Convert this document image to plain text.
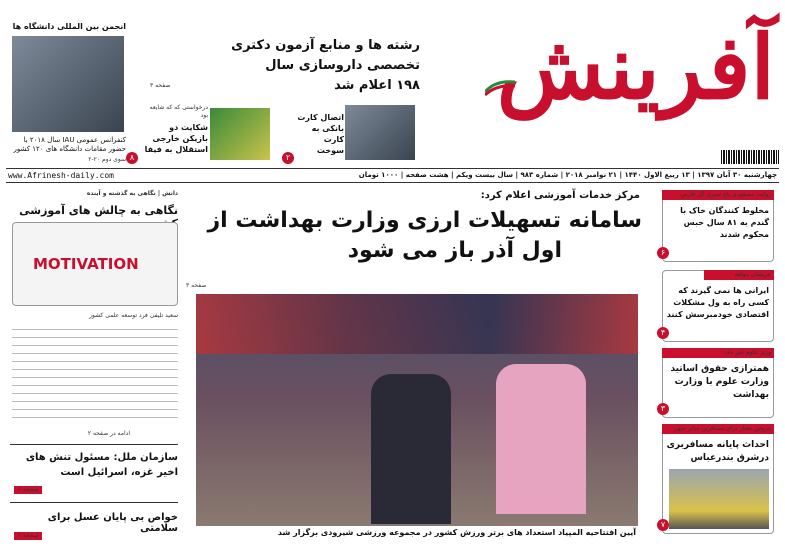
آفرینش
انجمن بین المللی دانشگاه ها
کنفرانس عمومی IAU سال ۲۰۱۸ با حضور مقامات دانشگاه های ۱۲۰ کشور
سوی دوم ۲۰-۲
رشته ها و منابع آزمون دکتری تخصصی داروسازی سال
۱۹۸ اعلام شد
صفحه ۳
اتصال کارت بانکی به کارت سوخت
۲
درخواستی که که شایعه بود
شکایت دو بازیکن خارجی استقلال به فیفا
۸
www.Afrinesh-daily.com	چهارشنبه ۳۰ آبان ۱۳۹۷ | ۱۳ ربیع الاول ۱۴۴۰ | ۲۱ نوامبر ۲۰۱۸ | شماره ۹۸۳ | سال بیست ویکم | هشت صفحه | ۱۰۰۰ تومان
مرکز خدمات آموزشی اعلام کرد:
سامانه تسهیلات ارزی وزارت بهداشت از
اول آذر باز می شود
صفحه ۳
آیین افتتاحیه المپیاد استعداد های برتر ورزش کشور در مجموعه ورزشی شیرودی برگزار شد
دانش | نگاهی به گذشته و آینده
نگاهی به چالش های آموزشی
MOTIVATION
سعید تلیفی فرد توسعه علمی کشور
ادامه در صفحه ۲
سازمان ملل: مسئول تنش های اخیر غزه، اسرائیل است
صفحه ۲
خواص بی پایان عسل برای سلامتی
صفحه ۲
روایت مسعودی باغ منبری گل فارس
مخلوط کنندگان خاک با گندم به ۸۱ سال حبس محکوم شدند
۶
عربشان مولفه
ایرانی ها نمی گیرند که کسی راه به ول مشکلات اقتصادی خودمبرسش کنند
۴
وزیر علوم خبر داد:
همترازی حقوق اساتید وزارت علوم با وزارت بهداشت
۳
پتروس معیار برای مسافرین سایر شهر
احداث پایانه مسافربری درشرق بندرعباس
۷
